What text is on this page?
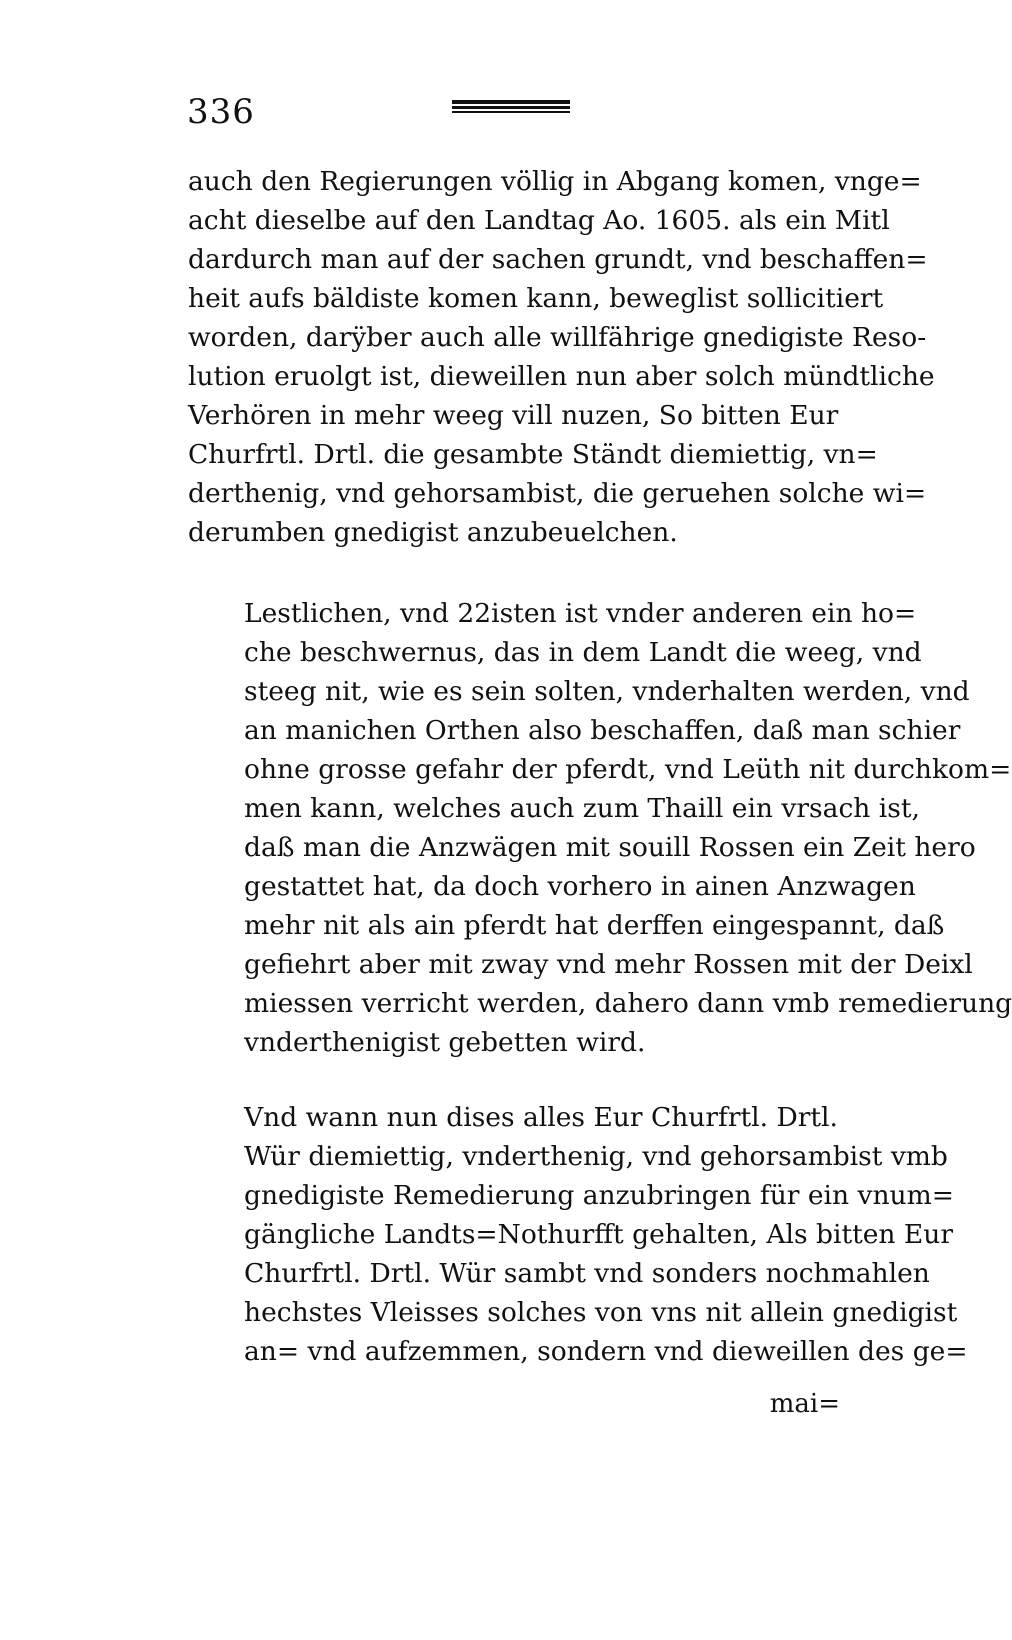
336
auch den Regierungen völlig in Abgang komen, vnge=
acht dieselbe auf den Landtag Ao. 1605. als ein Mitl
dardurch man auf der sachen grundt, vnd beschaffen=
heit aufs bäldiste komen kann, beweglist sollicitiert
worden, darÿber auch alle willfährige gnedigiste Reso-
lution eruolgt ist, dieweillen nun aber solch mündtliche
Verhören in mehr weeg vill nuzen, So bitten Eur
Churfrtl. Drtl. die gesambte Ständt diemiettig, vn=
derthenig, vnd gehorsambist, die geruehen solche wi=
derumben gnedigist anzubeuelchen.
Lestlichen, vnd 22isten ist vnder anderen ein ho=
che beschwernus, das in dem Landt die weeg, vnd
steeg nit, wie es sein solten, vnderhalten werden, vnd
an manichen Orthen also beschaffen, daß man schier
ohne grosse gefahr der pferdt, vnd Leüth nit durchkom=
men kann, welches auch zum Thaill ein vrsach ist,
daß man die Anzwägen mit souill Rossen ein Zeit hero
gestattet hat, da doch vorhero in ainen Anzwagen
mehr nit als ain pferdt hat derffen eingespannt, daß
gefiehrt aber mit zway vnd mehr Rossen mit der Deixl
miessen verricht werden, dahero dann vmb remedierung
vnderthenigist gebetten wird.
Vnd wann nun dises alles Eur Churfrtl. Drtl.
Wür diemiettig, vnderthenig, vnd gehorsambist vmb
gnedigiste Remedierung anzubringen für ein vnum=
gängliche Landts=Nothurfft gehalten, Als bitten Eur
Churfrtl. Drtl. Wür sambt vnd sonders nochmahlen
hechstes Vleisses solches von vns nit allein gnedigist
an= vnd aufzemmen, sondern vnd dieweillen des ge=
mai=
